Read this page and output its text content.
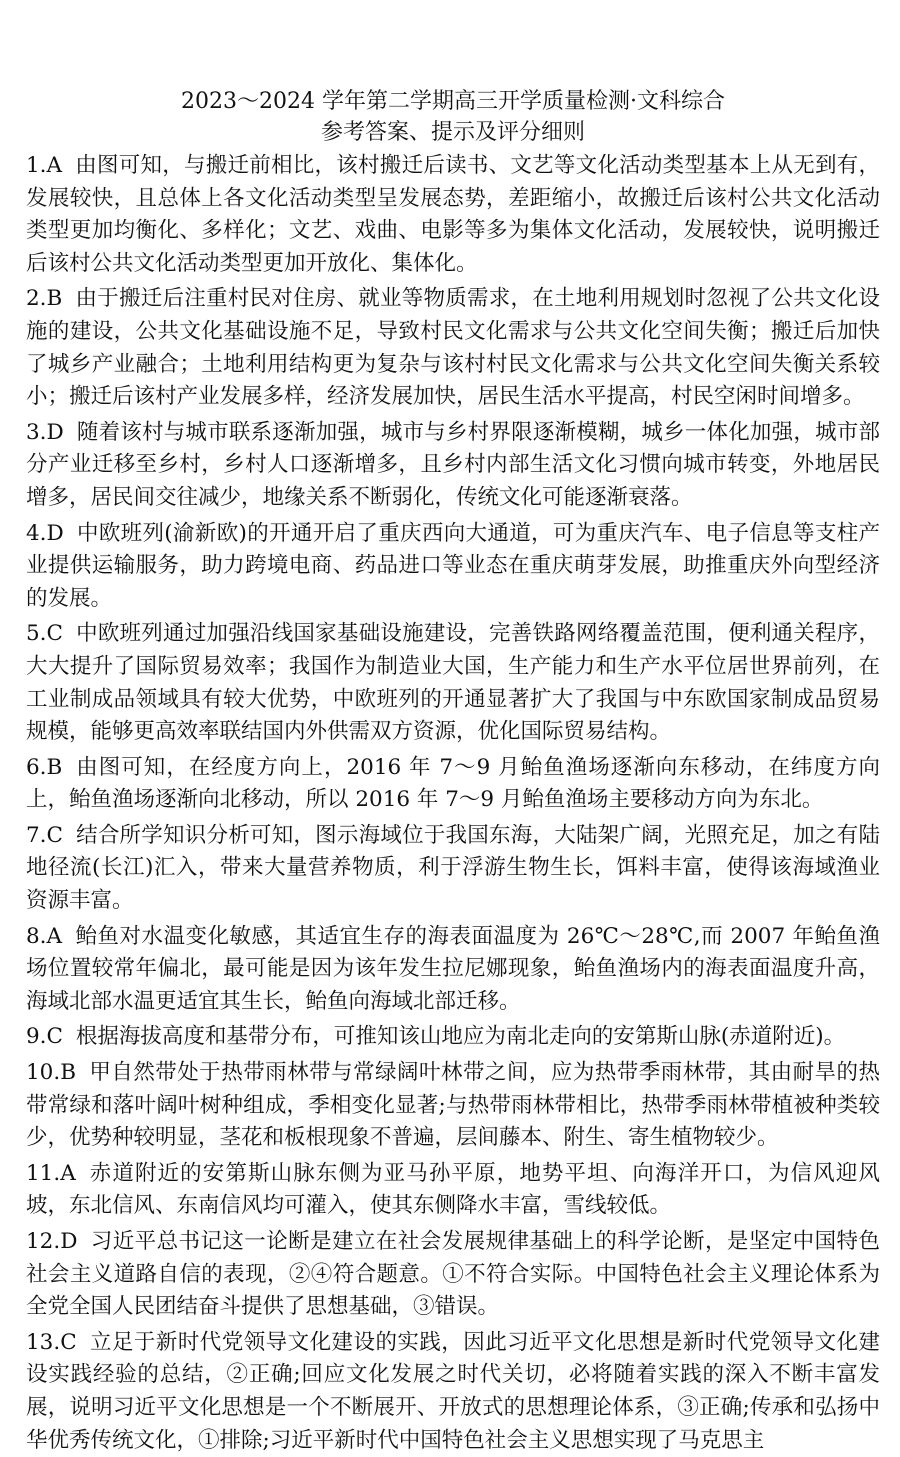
2023～2024 学年第二学期高三开学质量检测·文科综合
参考答案、提示及评分细则
1.A 由图可知，与搬迁前相比，该村搬迁后读书、文艺等文化活动类型基本上从无到有，发展较快，且总体上各文化活动类型呈发展态势，差距缩小，故搬迁后该村公共文化活动类型更加均衡化、多样化；文艺、戏曲、电影等多为集体文化活动，发展较快，说明搬迁后该村公共文化活动类型更加开放化、集体化。
2.B 由于搬迁后注重村民对住房、就业等物质需求，在土地利用规划时忽视了公共文化设施的建设，公共文化基础设施不足，导致村民文化需求与公共文化空间失衡；搬迁后加快了城乡产业融合；土地利用结构更为复杂与该村村民文化需求与公共文化空间失衡关系较小；搬迁后该村产业发展多样，经济发展加快，居民生活水平提高，村民空闲时间增多。
3.D 随着该村与城市联系逐渐加强，城市与乡村界限逐渐模糊，城乡一体化加强，城市部分产业迁移至乡村，乡村人口逐渐增多，且乡村内部生活文化习惯向城市转变，外地居民增多，居民间交往减少，地缘关系不断弱化，传统文化可能逐渐衰落。
4.D 中欧班列(渝新欧)的开通开启了重庆西向大通道，可为重庆汽车、电子信息等支柱产业提供运输服务，助力跨境电商、药品进口等业态在重庆萌芽发展，助推重庆外向型经济的发展。
5.C 中欧班列通过加强沿线国家基础设施建设，完善铁路网络覆盖范围，便利通关程序，大大提升了国际贸易效率；我国作为制造业大国，生产能力和生产水平位居世界前列，在工业制成品领域具有较大优势，中欧班列的开通显著扩大了我国与中东欧国家制成品贸易规模，能够更高效率联结国内外供需双方资源，优化国际贸易结构。
6.B 由图可知，在经度方向上，2016 年 7～9 月鲐鱼渔场逐渐向东移动，在纬度方向上，鲐鱼渔场逐渐向北移动，所以 2016 年 7～9 月鲐鱼渔场主要移动方向为东北。
7.C 结合所学知识分析可知，图示海域位于我国东海，大陆架广阔，光照充足，加之有陆地径流(长江)汇入，带来大量营养物质，利于浮游生物生长，饵料丰富，使得该海域渔业资源丰富。
8.A 鲐鱼对水温变化敏感，其适宜生存的海表面温度为 26℃～28℃,而 2007 年鲐鱼渔场位置较常年偏北，最可能是因为该年发生拉尼娜现象，鲐鱼渔场内的海表面温度升高，海域北部水温更适宜其生长，鲐鱼向海域北部迁移。
9.C 根据海拔高度和基带分布，可推知该山地应为南北走向的安第斯山脉(赤道附近)。
10.B 甲自然带处于热带雨林带与常绿阔叶林带之间，应为热带季雨林带，其由耐旱的热带常绿和落叶阔叶树种组成，季相变化显著;与热带雨林带相比，热带季雨林带植被种类较少，优势种较明显，茎花和板根现象不普遍，层间藤本、附生、寄生植物较少。
11.A 赤道附近的安第斯山脉东侧为亚马孙平原，地势平坦、向海洋开口，为信风迎风坡，东北信风、东南信风均可灌入，使其东侧降水丰富，雪线较低。
12.D 习近平总书记这一论断是建立在社会发展规律基础上的科学论断，是坚定中国特色社会主义道路自信的表现，②④符合题意。①不符合实际。中国特色社会主义理论体系为全党全国人民团结奋斗提供了思想基础，③错误。
13.C 立足于新时代党领导文化建设的实践，因此习近平文化思想是新时代党领导文化建设实践经验的总结，②正确;回应文化发展之时代关切，必将随着实践的深入不断丰富发展，说明习近平文化思想是一个不断展开、开放式的思想理论体系，③正确;传承和弘扬中华优秀传统文化，①排除;习近平新时代中国特色社会主义思想实现了马克思主
